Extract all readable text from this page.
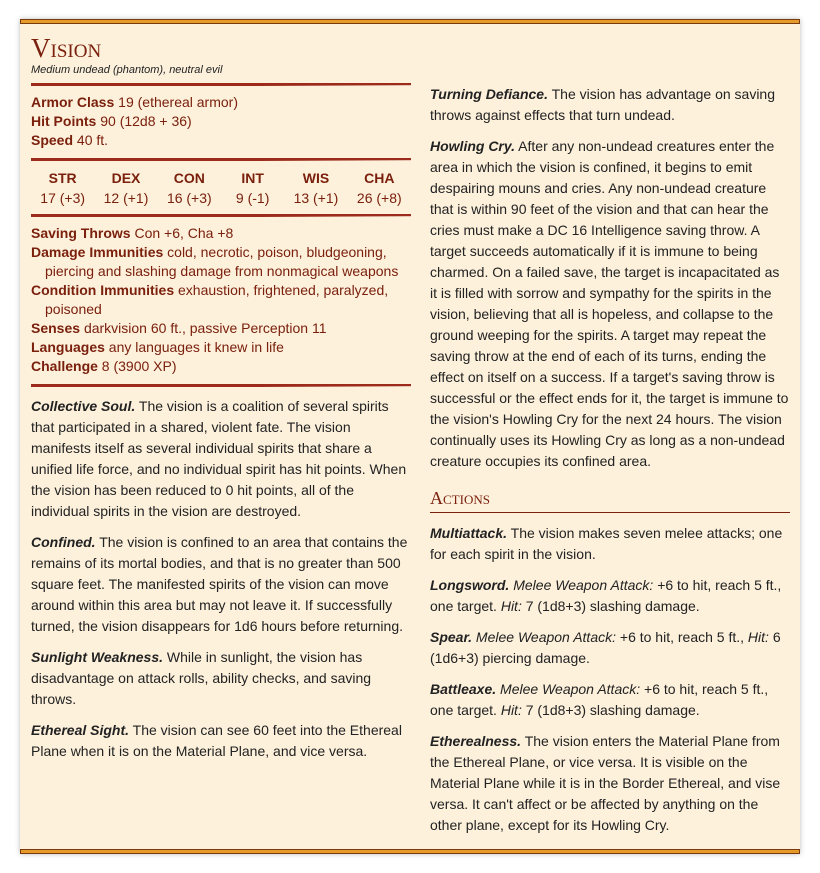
Vision
Medium undead (phantom), neutral evil
Armor Class 19 (ethereal armor)
Hit Points 90 (12d8 + 36)
Speed 40 ft.
STR
17 (+3)
DEX
12 (+1)
CON
16 (+3)
INT
9 (-1)
WIS
13 (+1)
CHA
26 (+8)
Saving Throws Con +6, Cha +8
Damage Immunities cold, necrotic, poison, bludgeoning, piercing and slashing damage from nonmagical weapons
Condition Immunities exhaustion, frightened, paralyzed, poisoned
Senses darkvision 60 ft., passive Perception 11
Languages any languages it knew in life
Challenge 8 (3900 XP)

Collective Soul. The vision is a coalition of several spirits that participated in a shared, violent fate. The vision manifests itself as several individual spirits that share a unified life force, and no individual spirit has hit points. When the vision has been reduced to 0 hit points, all of the individual spirits in the vision are destroyed.

Confined. The vision is confined to an area that contains the remains of its mortal bodies, and that is no greater than 500 square feet. The manifested spirits of the vision can move around within this area but may not leave it. If successfully turned, the vision disappears for 1d6 hours before returning.

Sunlight Weakness. While in sunlight, the vision has disadvantage on attack rolls, ability checks, and saving throws.

Ethereal Sight. The vision can see 60 feet into the Ethereal Plane when it is on the Material Plane, and vice versa.

Turning Defiance. The vision has advantage on saving throws against effects that turn undead.

Howling Cry. After any non-undead creatures enter the area in which the vision is confined, it begins to emit despairing mouns and cries. Any non-undead creature that is within 90 feet of the vision and that can hear the cries must make a DC 16 Intelligence saving throw. A target succeeds automatically if it is immune to being charmed. On a failed save, the target is incapacitated as it is filled with sorrow and sympathy for the spirits in the vision, believing that all is hopeless, and collapse to the ground weeping for the spirits. A target may repeat the saving throw at the end of each of its turns, ending the effect on itself on a success. If a target's saving throw is successful or the effect ends for it, the target is immune to the vision's Howling Cry for the next 24 hours. The vision continually uses its Howling Cry as long as a non-undead creature occupies its confined area.

Actions

Multiattack. The vision makes seven melee attacks; one for each spirit in the vision.

Longsword. Melee Weapon Attack: +6 to hit, reach 5 ft., one target. Hit: 7 (1d8+3) slashing damage.

Spear. Melee Weapon Attack: +6 to hit, reach 5 ft., Hit: 6 (1d6+3) piercing damage.

Battleaxe. Melee Weapon Attack: +6 to hit, reach 5 ft., one target. Hit: 7 (1d8+3) slashing damage.

Etherealness. The vision enters the Material Plane from the Ethereal Plane, or vice versa. It is visible on the Material Plane while it is in the Border Ethereal, and vise versa. It can't affect or be affected by anything on the other plane, except for its Howling Cry.
